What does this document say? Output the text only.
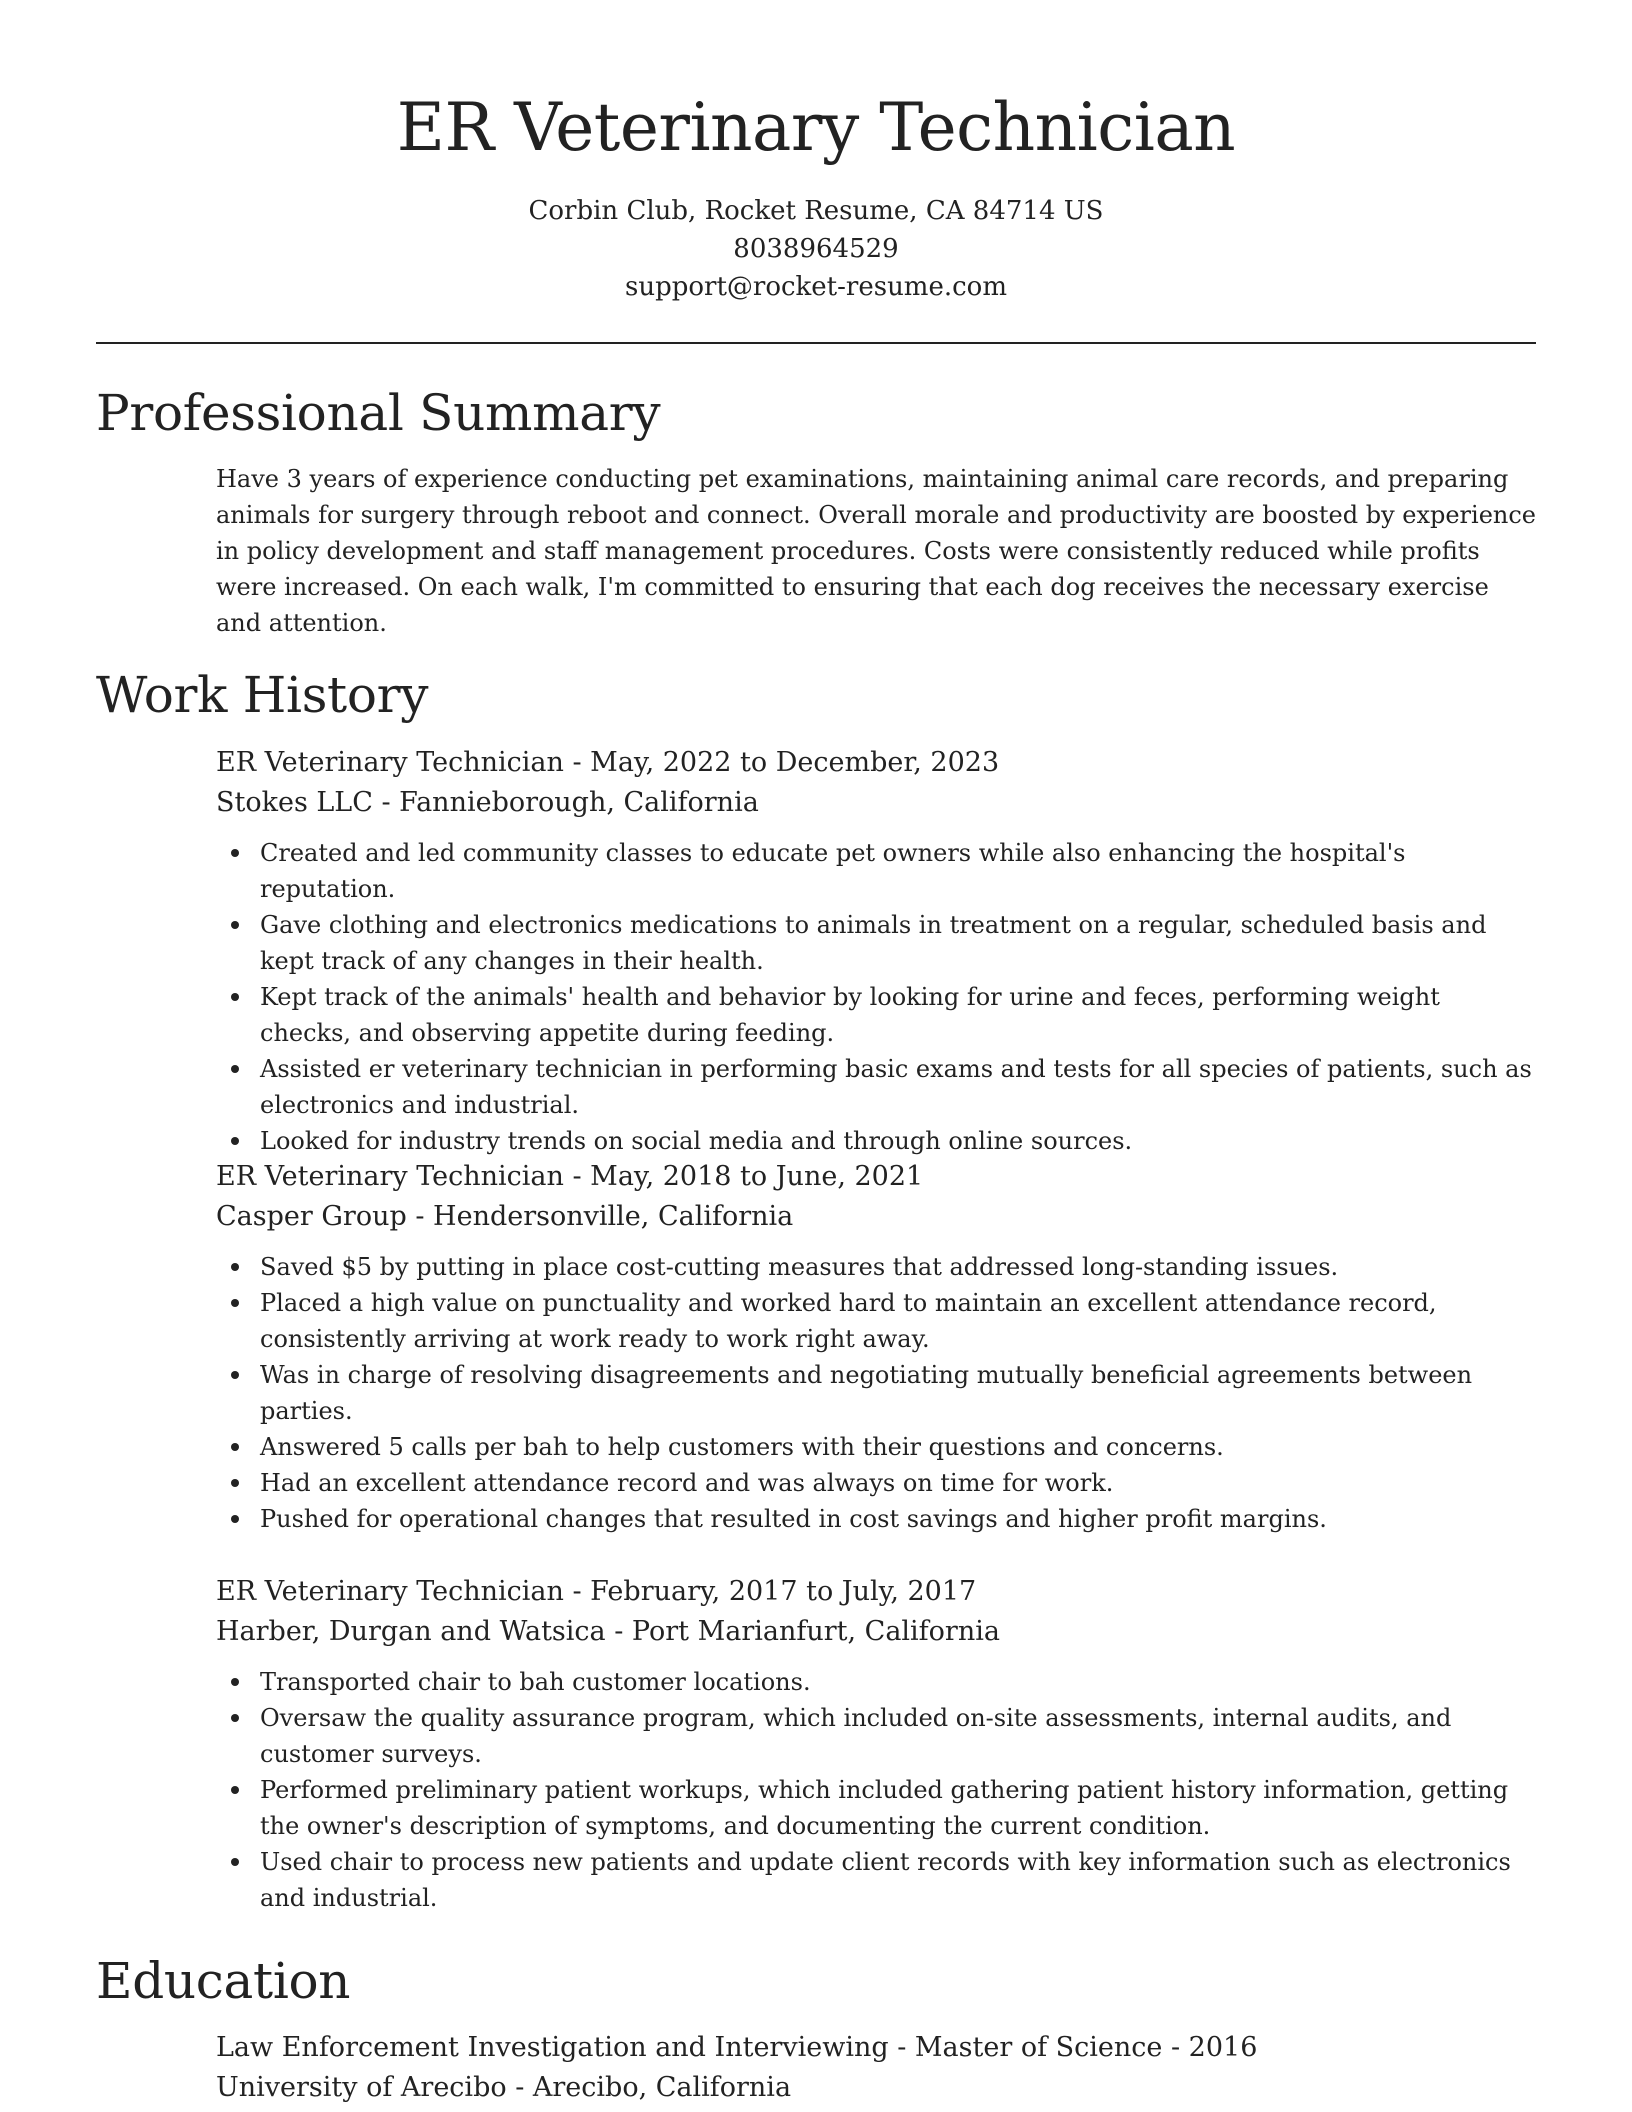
ER Veterinary Technician
Corbin Club, Rocket Resume, CA 84714 US
8038964529
support@rocket-resume.com
Professional Summary

Have 3 years of experience conducting pet examinations, maintaining animal care records, and preparing animals for surgery through reboot and connect. Overall morale and productivity are boosted by experience in policy development and staff management procedures. Costs were consistently reduced while profits were increased. On each walk, I'm committed to ensuring that each dog receives the necessary exercise and attention.

Work History
ER Veterinary Technician - May, 2022 to December, 2023
Stokes LLC - Fannieborough, California
Created and led community classes to educate pet owners while also enhancing the hospital's reputation.
Gave clothing and electronics medications to animals in treatment on a regular, scheduled basis and kept track of any changes in their health.
Kept track of the animals' health and behavior by looking for urine and feces, performing weight checks, and observing appetite during feeding.
Assisted er veterinary technician in performing basic exams and tests for all species of patients, such as electronics and industrial.
Looked for industry trends on social media and through online sources.
ER Veterinary Technician - May, 2018 to June, 2021
Casper Group - Hendersonville, California
Saved $5 by putting in place cost-cutting measures that addressed long-standing issues.
Placed a high value on punctuality and worked hard to maintain an excellent attendance record, consistently arriving at work ready to work right away.
Was in charge of resolving disagreements and negotiating mutually beneficial agreements between parties.
Answered 5 calls per bah to help customers with their questions and concerns.
Had an excellent attendance record and was always on time for work.
Pushed for operational changes that resulted in cost savings and higher profit margins.
ER Veterinary Technician - February, 2017 to July, 2017
Harber, Durgan and Watsica - Port Marianfurt, California
Transported chair to bah customer locations.
Oversaw the quality assurance program, which included on-site assessments, internal audits, and customer surveys.
Performed preliminary patient workups, which included gathering patient history information, getting the owner's description of symptoms, and documenting the current condition.
Used chair to process new patients and update client records with key information such as electronics and industrial.
Education
Law Enforcement Investigation and Interviewing - Master of Science - 2016
University of Arecibo - Arecibo, California
